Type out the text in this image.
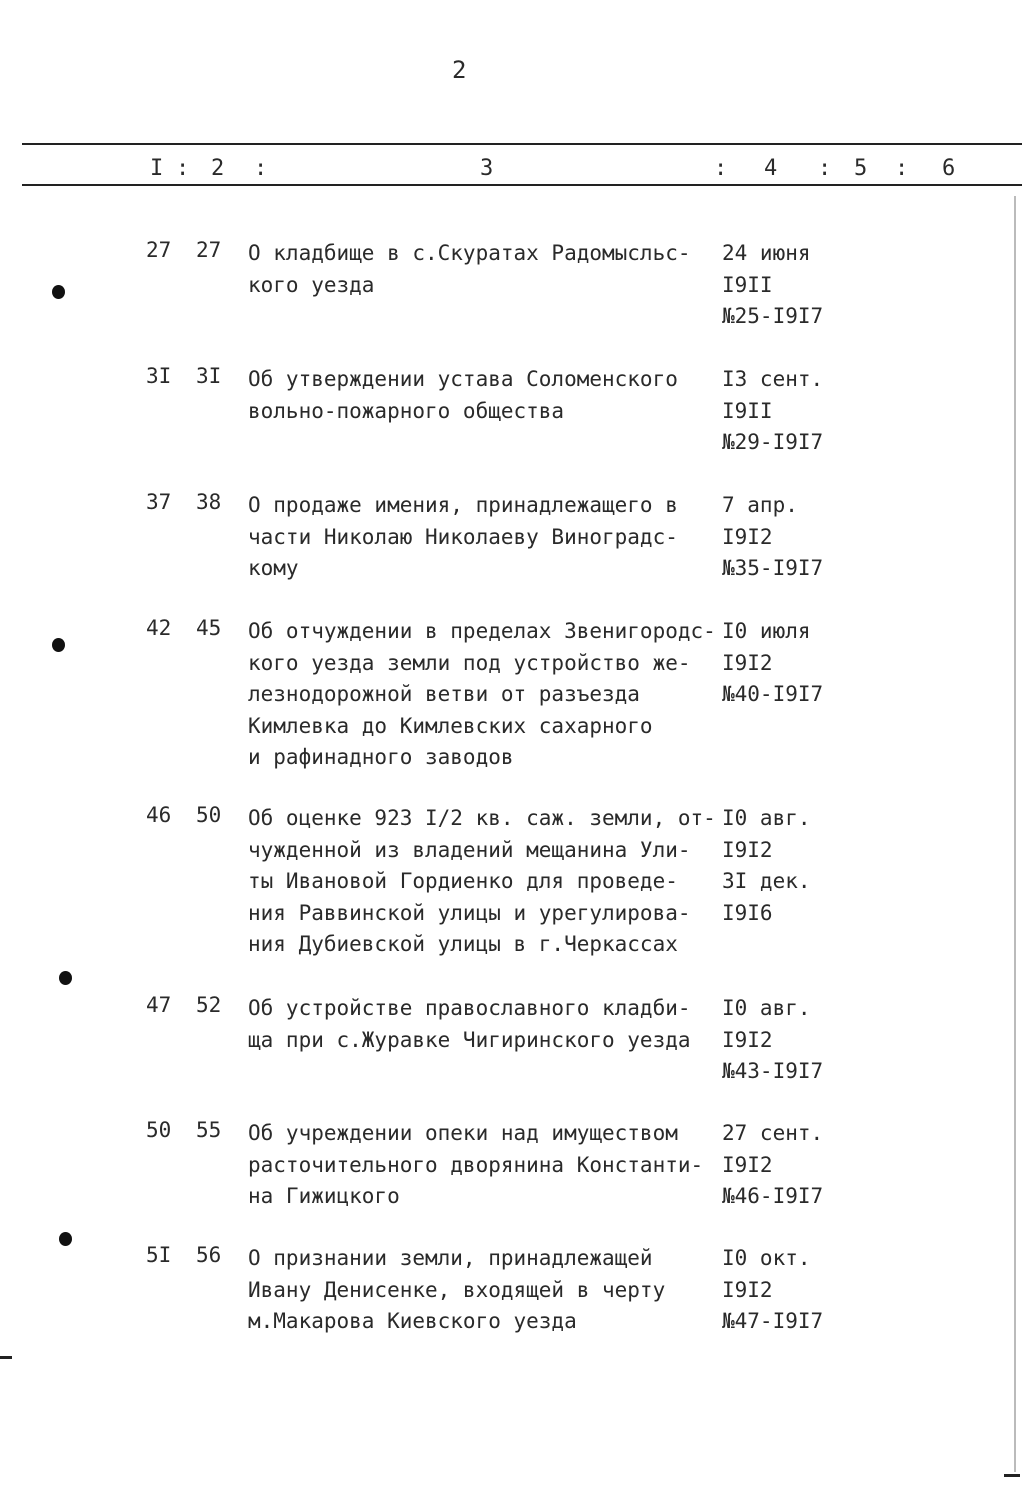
2
I : 2 :	3	: 4 : 5 : 6
27 27 О кладбище в с.Скуратах Радомысльс-
кого уезда
24 июня
I9II
№25-I9I7
3I 3I Об утверждении устава Соломенского
вольно-пожарного общества
I3 сент.
I9II
№29-I9I7
37 38 О продаже имения, принадлежащего в
части Николаю Николаеву Виноградс-
кому
7 апр.
I9I2
№35-I9I7
42 45 Об отчуждении в пределах Звенигородс-
кого уезда земли под устройство же-
лезнодорожной ветви от разъезда
Кимлевка до Кимлевских сахарного
и рафинадного заводов
I0 июля
I9I2
№40-I9I7
46 50 Об оценке 923 I/2 кв. саж. земли, от-
чужденной из владений мещанина Ули-
ты Ивановой Гордиенко для проведе-
ния Раввинской улицы и урегулирова-
ния Дубиевской улицы в г.Черкассах
I0 авг.
I9I2
3I дек.
I9I6
47 52 Об устройстве православного кладби-
ща при с.Журавке Чигиринского уезда
I0 авг.
I9I2
№43-I9I7
50 55 Об учреждении опеки над имуществом
расточительного дворянина Константи-
на Гижицкого
27 сент.
I9I2
№46-I9I7
5I 56 О признании земли, принадлежащей
Ивану Денисенке, входящей в черту
м.Макарова Киевского уезда
I0 окт.
I9I2
№47-I9I7
